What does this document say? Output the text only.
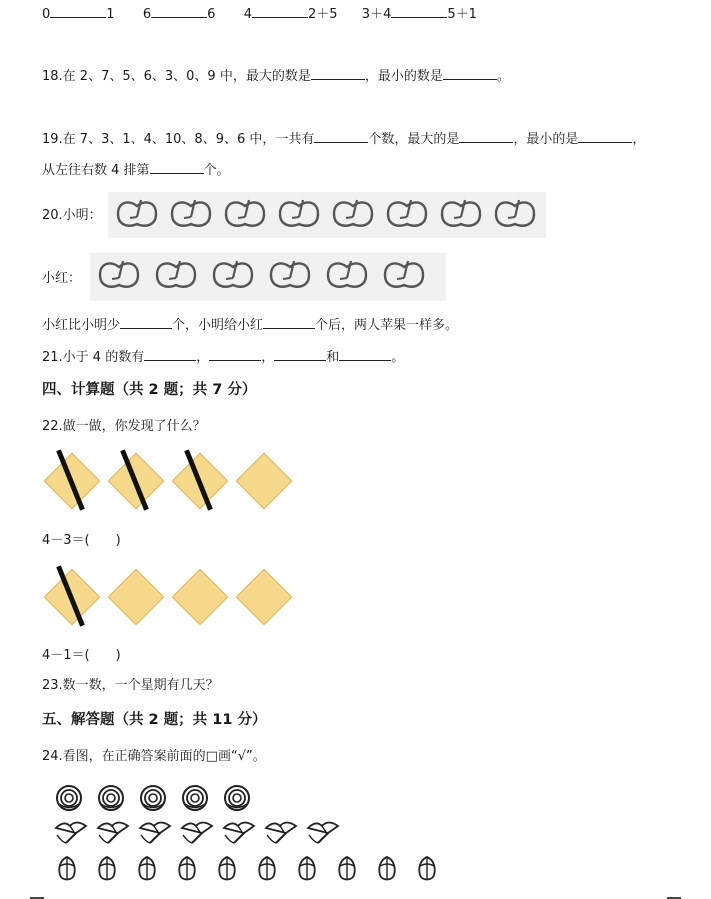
0	1 6	6 4	2＋5 3＋4	5＋1
18.在 2、7、5、6、3、0、9 中，最大的数是	，最小的数是	。
19.在 7、3、1、4、10、8、9、6 中，一共有	个数，最大的是	，最小的是	，
从左往右数 4 排第	个。
20.小明：
小红：
小红比小明少	个，小明给小红	个后，两人苹果一样多。
21.小于 4 的数有	，	，	和	。
四、计算题（共 2 题；共 7 分）
22.做一做，你发现了什么？
4－3＝(　　)
4－1＝(　　)
23.数一数，一个星期有几天？
五、解答题（共 2 题；共 11 分）
24.看图，在正确答案前面的□画“√”。
